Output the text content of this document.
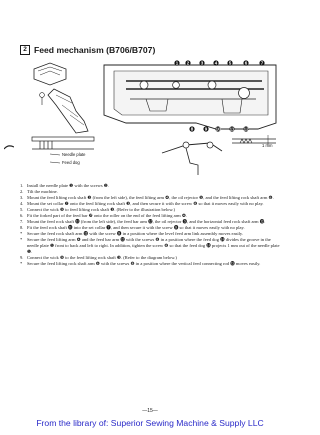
2 Feed mechanism (B706/B707)
Needle plate
Feed dog
1 2	3	4	5	6	7
8	9 10 11 12
1 mm
1. Install the needle plate ❶ with the screws ❷.
2. Tilt the machine.
3. Mount the feed lifting rock shaft ❸ (from the left side), the feed lifting arm ❹, the oil rejector ❺, and the feed lifting rock shaft arm ❻.
4. Mount the set collar ❼ onto the feed lifting rock shaft ❸, and then secure it with the screw ❽ so that it moves easily with no play.
5. Connect the wick ❾ to feed lifting rock shaft ❸. (Refer to the illustration below.)
6. Fit the forked part of the feed bar ❿ onto the roller on the end of the feed lifting arm ❹.
7. Mount the feed rock shaft ⓫ (from the left side), the feed bar arm ⓬, the oil rejector ❺, and the horizontal feed rock shaft arm ⓭.
8. Fit the feed rock shaft ⓫ into the set collar ❼, and then secure it with the screw ❽ so that it moves easily with no play.
* Secure the feed rock shaft arm ⓭ with the screw ❽ in a position where the level feed arm link assembly moves easily.
* Secure the feed lifting arm ❹ and the feed bar arm ⓬ with the screws ❽ in a position where the feed dog ⓮ divides the groove in the needle plate ❶ front to back and left to right. In addition, tighten the screw ❽ so that the feed dog ⓮ projects 1 mm out of the needle plate ❶.
9. Connect the wick ❾ to the feed lifting rock shaft ❸. (Refer to the diagram below.)
* Secure the feed lifting rock shaft arm ❻ with the screws ❽ in a position where the vertical feed connecting rod ⓯ moves easily.
—15—
From the library of: Superior Sewing Machine & Supply LLC
